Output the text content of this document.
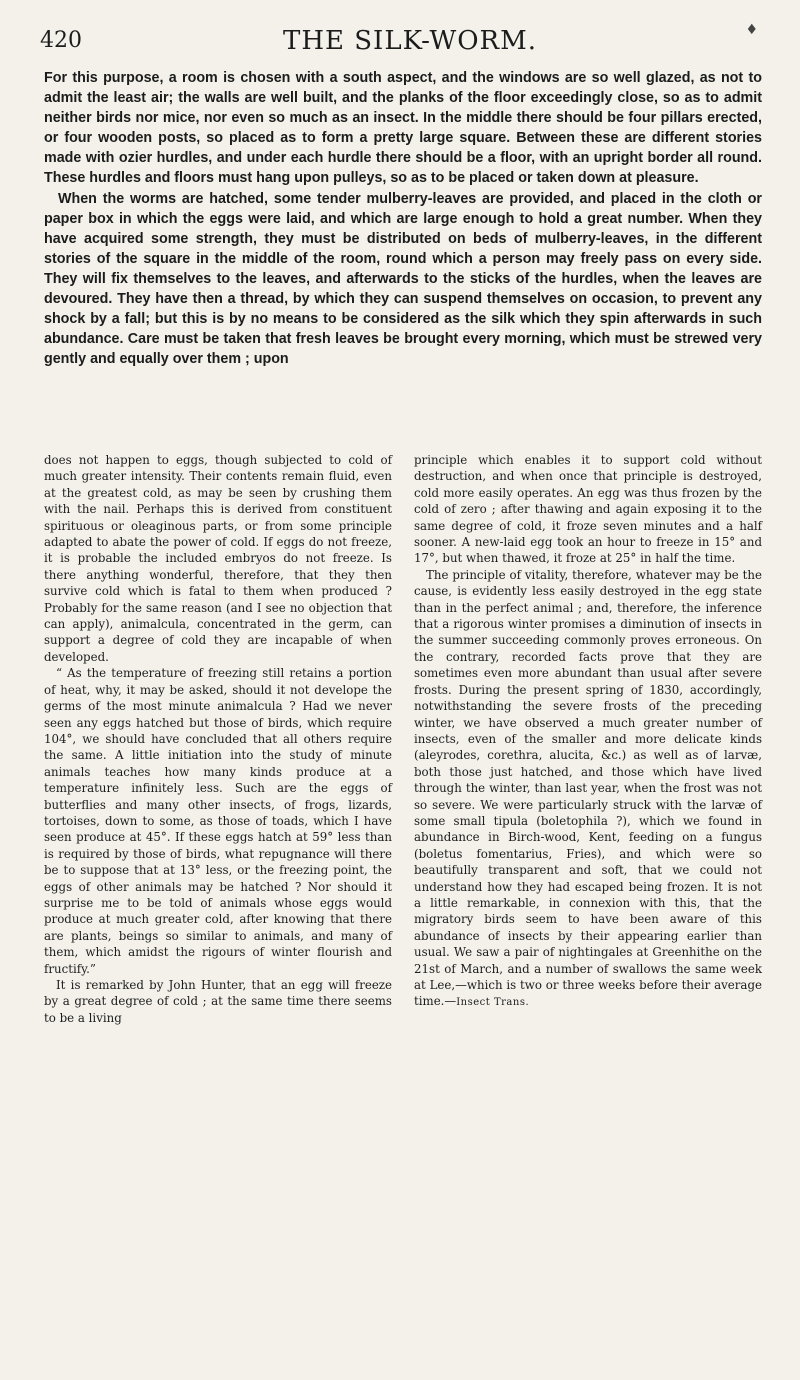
420	THE SILK-WORM.	♦

For this purpose, a room is chosen with a south aspect, and the windows are so well glazed, as not to admit the least air; the walls are well built, and the planks of the floor exceedingly close, so as to admit neither birds nor mice, nor even so much as an insect. In the middle there should be four pillars erected, or four wooden posts, so placed as to form a pretty large square. Between these are different stories made with ozier hurdles, and under each hurdle there should be a floor, with an upright border all round. These hurdles and floors must hang upon pulleys, so as to be placed or taken down at pleasure.

When the worms are hatched, some tender mulberry-leaves are provided, and placed in the cloth or paper box in which the eggs were laid, and which are large enough to hold a great number. When they have acquired some strength, they must be distributed on beds of mulberry-leaves, in the different stories of the square in the middle of the room, round which a person may freely pass on every side. They will fix themselves to the leaves, and afterwards to the sticks of the hurdles, when the leaves are devoured. They have then a thread, by which they can suspend themselves on occasion, to prevent any shock by a fall; but this is by no means to be considered as the silk which they spin afterwards in such abundance. Care must be taken that fresh leaves be brought every morning, which must be strewed very gently and equally over them ; upon

does not happen to eggs, though subjected to cold of much greater intensity. Their contents remain fluid, even at the greatest cold, as may be seen by crushing them with the nail. Perhaps this is derived from constituent spirituous or oleaginous parts, or from some principle adapted to abate the power of cold. If eggs do not freeze, it is probable the included embryos do not freeze. Is there anything wonderful, therefore, that they then survive cold which is fatal to them when produced ? Probably for the same reason (and I see no objection that can apply), animalcula, concentrated in the germ, can support a degree of cold they are incapable of when developed.

“ As the temperature of freezing still retains a portion of heat, why, it may be asked, should it not develope the germs of the most minute animalcula ? Had we never seen any eggs hatched but those of birds, which require 104°, we should have concluded that all others require the same. A little initiation into the study of minute animals teaches how many kinds produce at a temperature infinitely less. Such are the eggs of butterflies and many other insects, of frogs, lizards, tortoises, down to some, as those of toads, which I have seen produce at 45°. If these eggs hatch at 59° less than is required by those of birds, what repugnance will there be to suppose that at 13° less, or the freezing point, the eggs of other animals may be hatched ? Nor should it surprise me to be told of animals whose eggs would produce at much greater cold, after knowing that there are plants, beings so similar to animals, and many of them, which amidst the rigours of winter flourish and fructify.”

It is remarked by John Hunter, that an egg will freeze by a great degree of cold ; at the same time there seems to be a living

principle which enables it to support cold without destruction, and when once that principle is destroyed, cold more easily operates. An egg was thus frozen by the cold of zero ; after thawing and again exposing it to the same degree of cold, it froze seven minutes and a half sooner. A new-laid egg took an hour to freeze in 15° and 17°, but when thawed, it froze at 25° in half the time.

The principle of vitality, therefore, whatever may be the cause, is evidently less easily destroyed in the egg state than in the perfect animal ; and, therefore, the inference that a rigorous winter promises a diminution of insects in the summer succeeding commonly proves erroneous. On the contrary, recorded facts prove that they are sometimes even more abundant than usual after severe frosts. During the present spring of 1830, accordingly, notwithstanding the severe frosts of the preceding winter, we have observed a much greater number of insects, even of the smaller and more delicate kinds (aleyrodes, corethra, alucita, &c.) as well as of larvæ, both those just hatched, and those which have lived through the winter, than last year, when the frost was not so severe. We were particularly struck with the larvæ of some small tipula (boletophila ?), which we found in abundance in Birch-wood, Kent, feeding on a fungus (boletus fomentarius, Fries), and which were so beautifully transparent and soft, that we could not understand how they had escaped being frozen. It is not a little remarkable, in connexion with this, that the migratory birds seem to have been aware of this abundance of insects by their appearing earlier than usual. We saw a pair of nightingales at Greenhithe on the 21st of March, and a number of swallows the same week at Lee,—which is two or three weeks before their average time.—Insect Trans.
